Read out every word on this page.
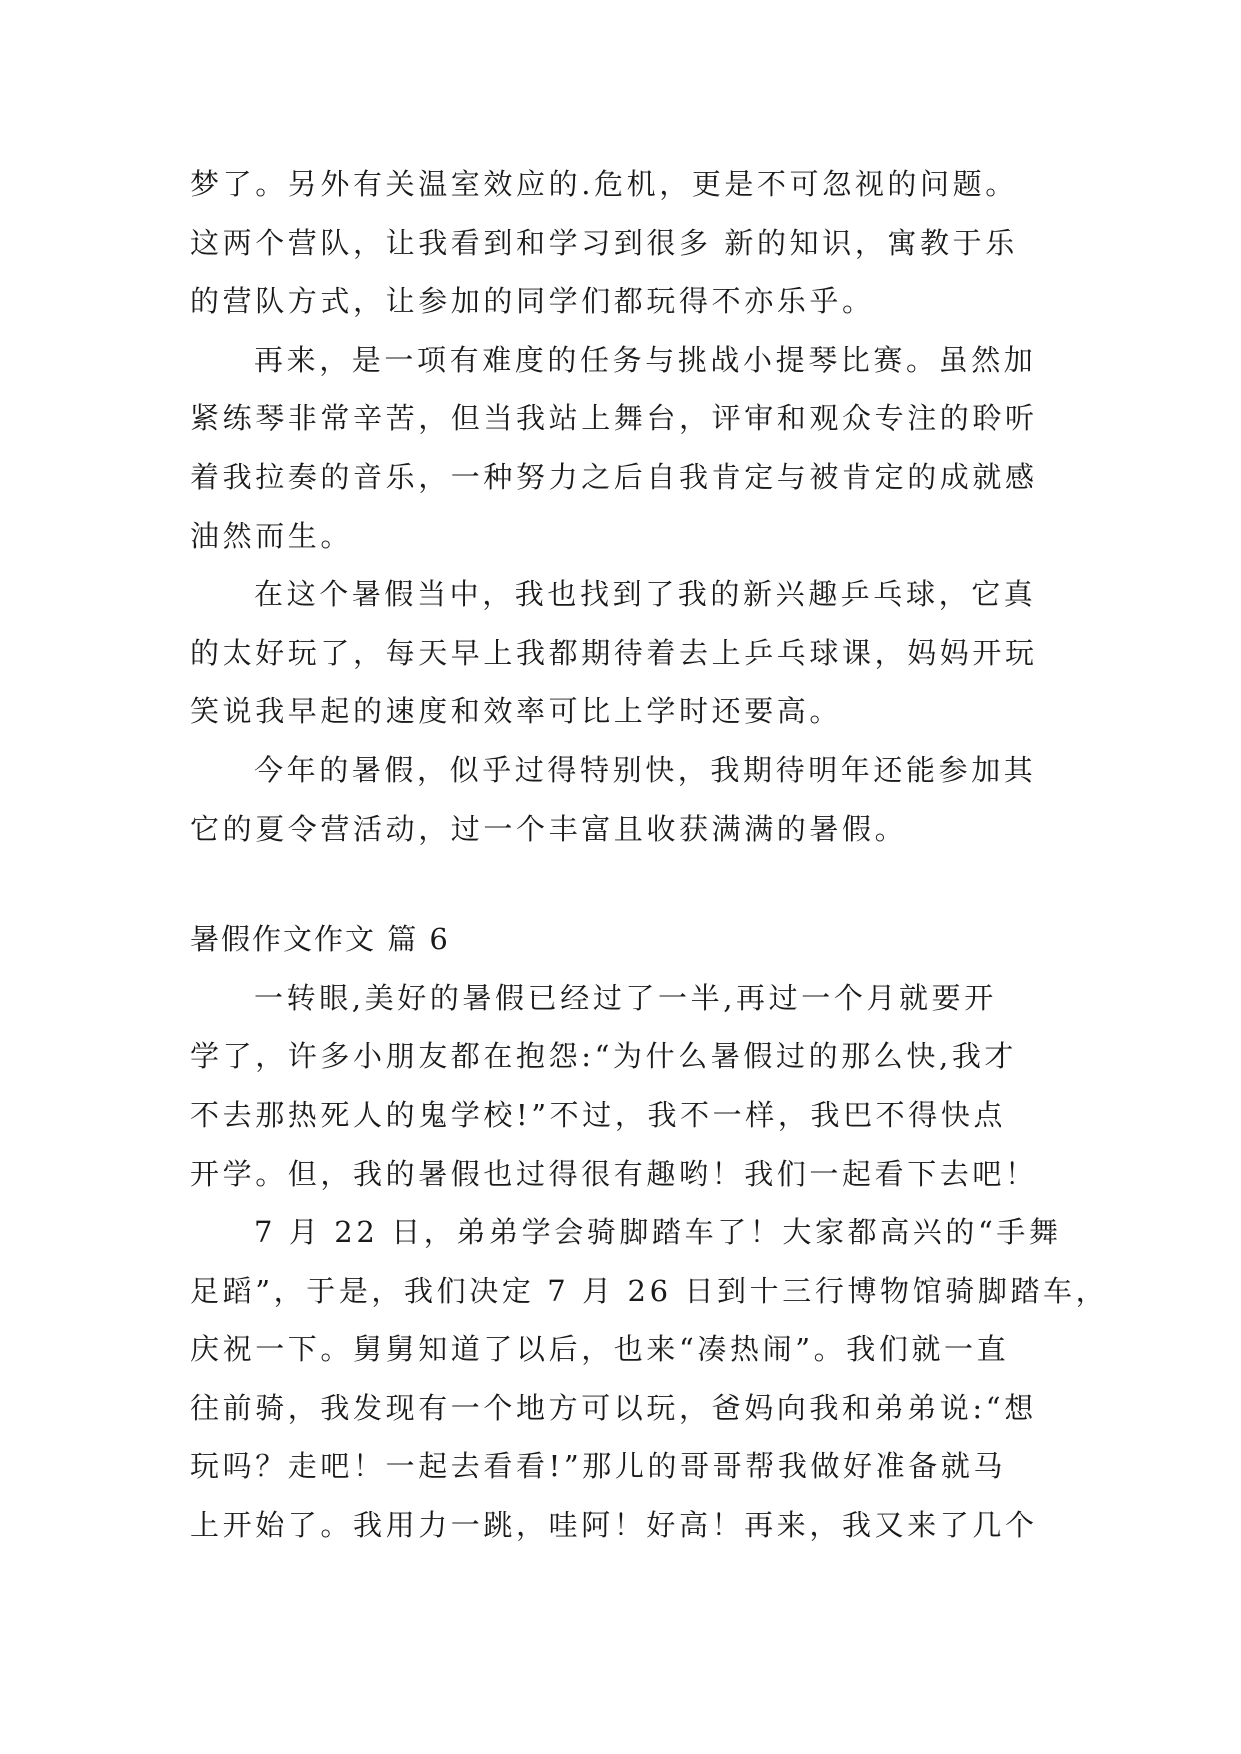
梦了。另外有关温室效应的.危机，更是不可忽视的问题。
这两个营队，让我看到和学习到很多 新的知识，寓教于乐
的营队方式，让参加的同学们都玩得不亦乐乎。
再来，是一项有难度的任务与挑战小提琴比赛。虽然加
紧练琴非常辛苦，但当我站上舞台，评审和观众专注的聆听
着我拉奏的音乐，一种努力之后自我肯定与被肯定的成就感
油然而生。
在这个暑假当中，我也找到了我的新兴趣乒乓球，它真
的太好玩了，每天早上我都期待着去上乒乓球课，妈妈开玩
笑说我早起的速度和效率可比上学时还要高。
今年的暑假，似乎过得特别快，我期待明年还能参加其
它的夏令营活动，过一个丰富且收获满满的暑假。
暑假作文作文 篇 6
一转眼,美好的暑假已经过了一半,再过一个月就要开
学了，许多小朋友都在抱怨:“为什么暑假过的那么快,我才
不去那热死人的鬼学校!”不过，我不一样，我巴不得快点
开学。但，我的暑假也过得很有趣哟！我们一起看下去吧！
7 月 22 日，弟弟学会骑脚踏车了！大家都高兴的“手舞
足蹈”，于是，我们决定 7 月 26 日到十三行博物馆骑脚踏车，
庆祝一下。舅舅知道了以后，也来“凑热闹”。我们就一直
往前骑，我发现有一个地方可以玩，爸妈向我和弟弟说:“想
玩吗？走吧！一起去看看!”那儿的哥哥帮我做好准备就马
上开始了。我用力一跳，哇阿！好高！再来，我又来了几个
